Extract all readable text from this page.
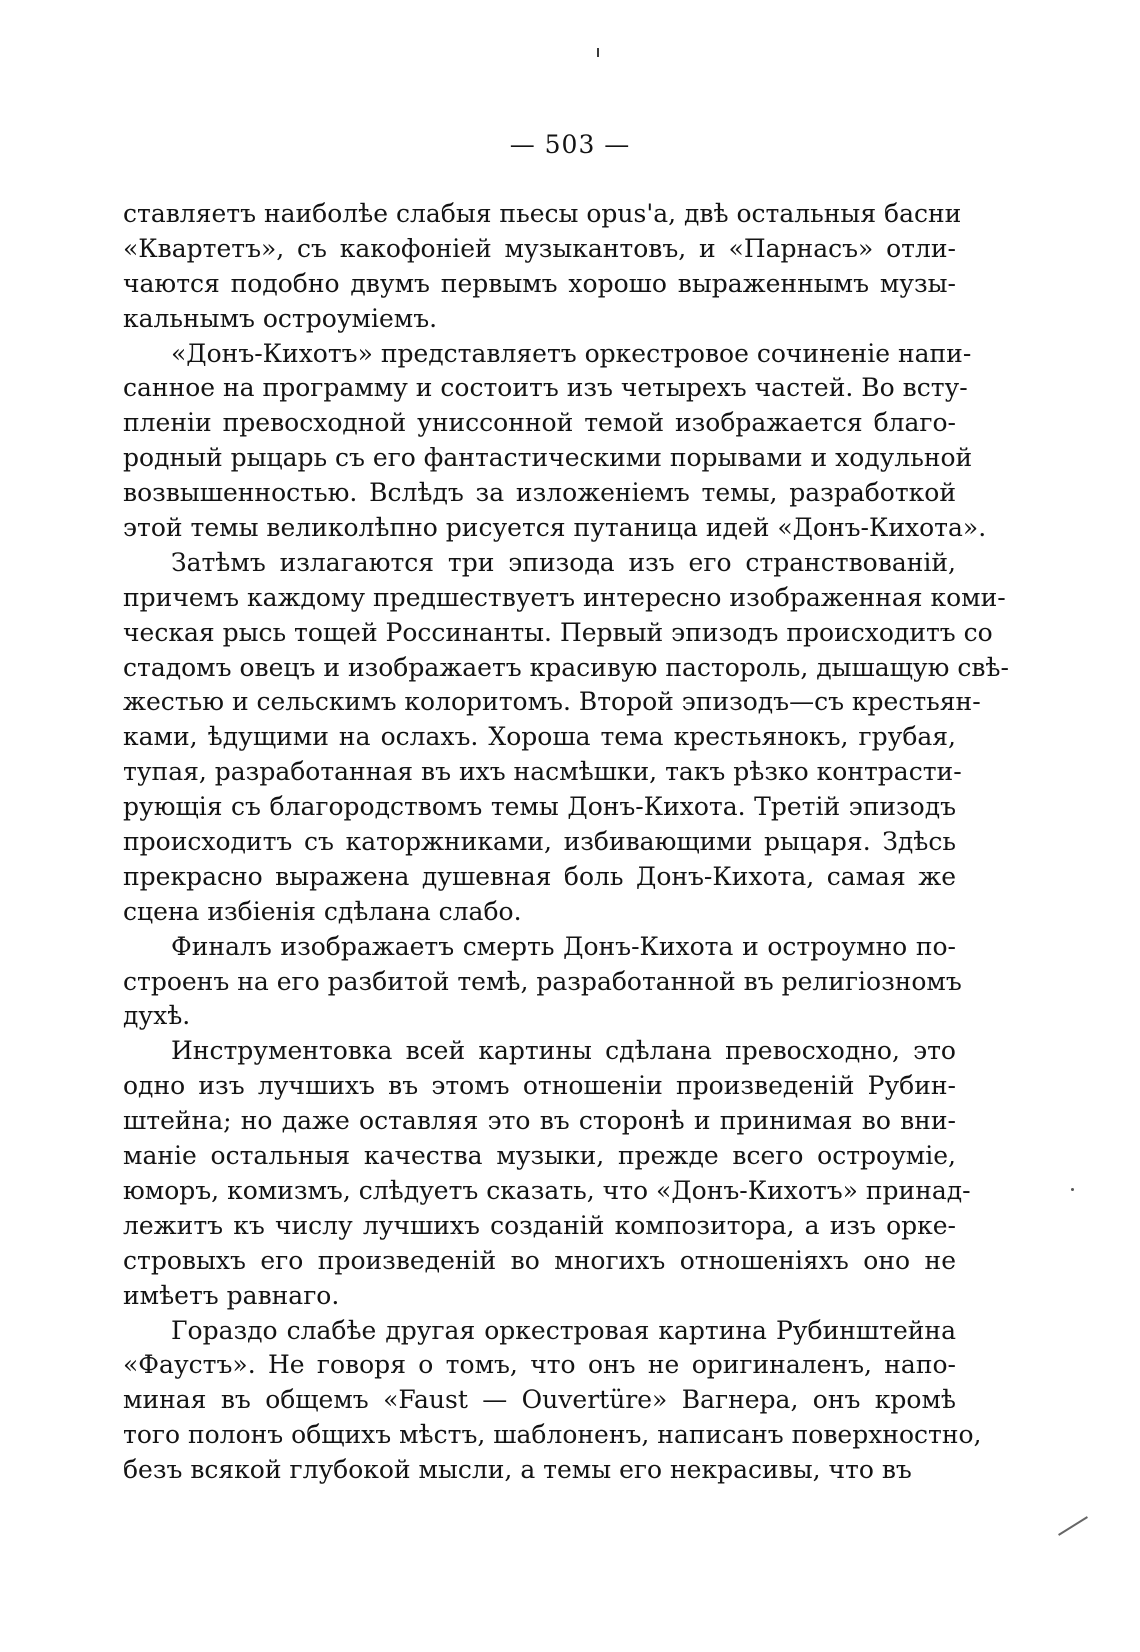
— 503 —
ставляетъ наиболѣе слабыя пьесы opus'а, двѣ остальныя басни
«Квартетъ», съ какофоніей музыкантовъ, и «Парнасъ» отли-
чаются подобно двумъ первымъ хорошо выраженнымъ музы-
кальнымъ остроуміемъ.
«Донъ-Кихотъ» представляетъ оркестровое сочиненіе напи-
санное на программу и состоитъ изъ четырехъ частей. Во всту-
пленіи превосходной униссонной темой изображается благо-
родный рыцарь съ его фантастическими порывами и ходульной
возвышенностью. Вслѣдъ за изложеніемъ темы, разработкой
этой темы великолѣпно рисуется путаница идей «Донъ-Кихота».
Затѣмъ излагаются три эпизода изъ его странствованій,
причемъ каждому предшествуетъ интересно изображенная коми-
ческая рысь тощей Россинанты. Первый эпизодъ происходитъ со
стадомъ овецъ и изображаетъ красивую пастороль, дышащую свѣ-
жестью и сельскимъ колоритомъ. Второй эпизодъ—съ крестьян-
ками, ѣдущими на ослахъ. Хороша тема крестьянокъ, грубая,
тупая, разработанная въ ихъ насмѣшки, такъ рѣзко контрасти-
рующія съ благородствомъ темы Донъ-Кихота. Третій эпизодъ
происходитъ съ каторжниками, избивающими рыцаря. Здѣсь
прекрасно выражена душевная боль Донъ-Кихота, самая же
сцена избіенія сдѣлана слабо.
Финалъ изображаетъ смерть Донъ-Кихота и остроумно по-
строенъ на его разбитой темѣ, разработанной въ религіозномъ
духѣ.
Инструментовка всей картины сдѣлана превосходно, это
одно изъ лучшихъ въ этомъ отношеніи произведеній Рубин-
штейна; но даже оставляя это въ сторонѣ и принимая во вни-
маніе остальныя качества музыки, прежде всего остроуміе,
юморъ, комизмъ, слѣдуетъ сказать, что «Донъ-Кихотъ» принад-
лежитъ къ числу лучшихъ созданій композитора, а изъ орке-
стровыхъ его произведеній во многихъ отношеніяхъ оно не
имѣетъ равнаго.
Гораздо слабѣе другая оркестровая картина Рубинштейна
«Фаустъ». Не говоря о томъ, что онъ не оригиналенъ, напо-
миная въ общемъ «Faust — Ouvertüre» Вагнера, онъ кромѣ
того полонъ общихъ мѣстъ, шаблоненъ, написанъ поверхностно,
безъ всякой глубокой мысли, а темы его некрасивы, что въ
